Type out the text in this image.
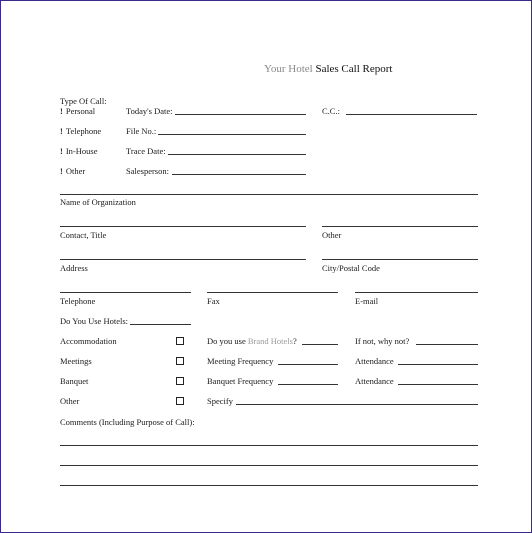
Your Hotel Sales Call Report
Type Of Call:
! Personal
! Telephone
! In-House
! Other
Today's Date:	C.C.:
File No.:
Trace Date:
Salesperson:
Name of Organization
Contact, Title	Other
Address	City/Postal Code
Telephone	Fax	E-mail
Do You Use Hotels:
Accommodation	Do you use Brand Hotels?	If not, why not?
Meetings	Meeting Frequency	Attendance
Banquet	Banquet Frequency	Attendance
Other	Specify
Comments (Including Purpose of Call):
